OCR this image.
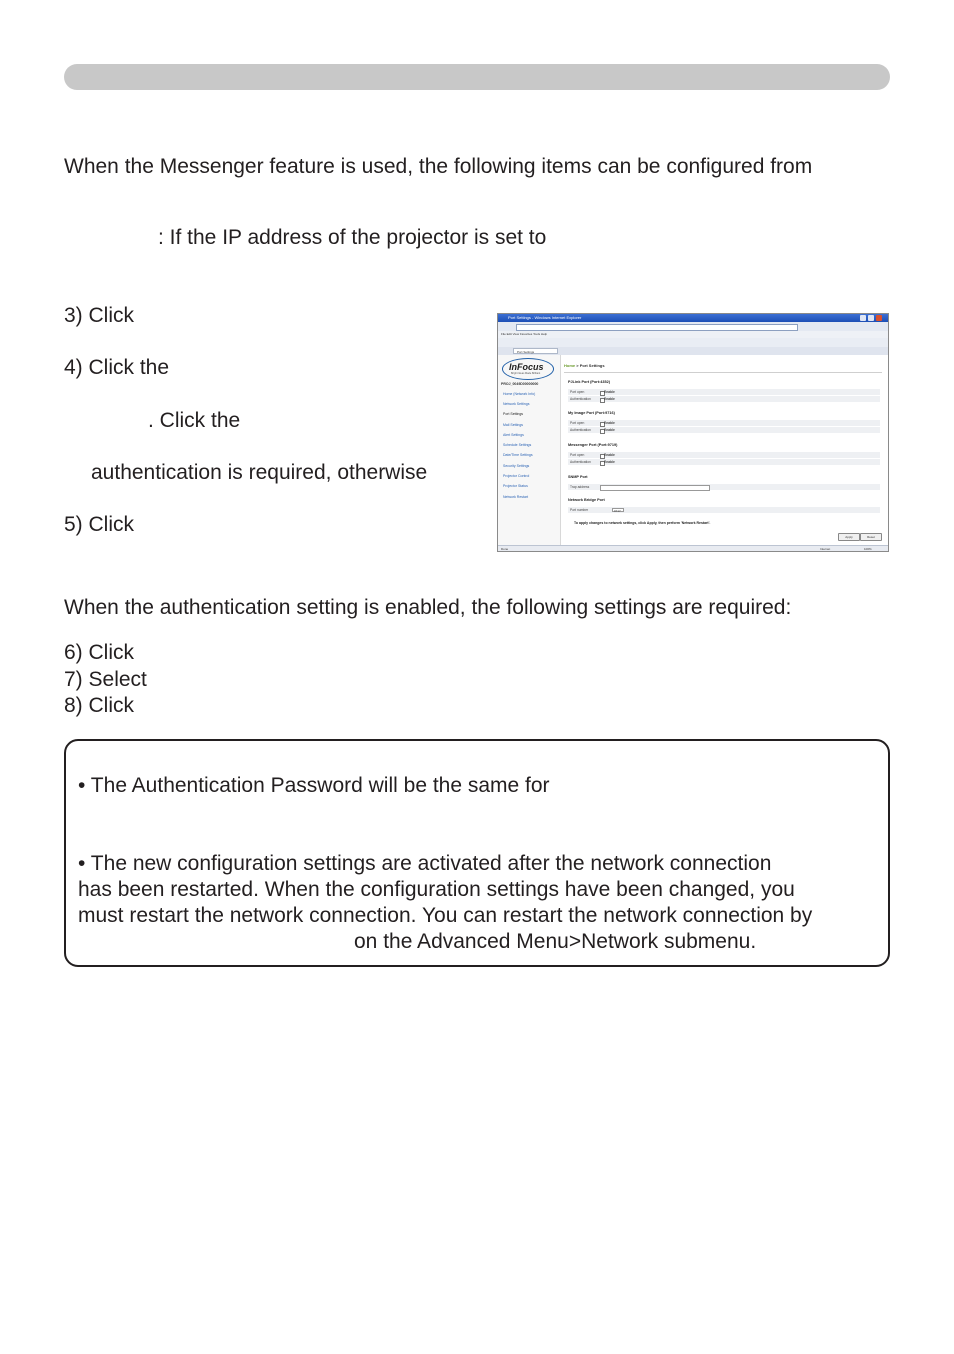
When the Messenger feature is used, the following items can be configured from
: If the IP address of the projector is set to
3) Click
4) Click the
. Click the
authentication is required, otherwise
5) Click
When the authentication setting is enabled, the following settings are required:
6) Click
7) Select
8) Click
• The Authentication Password will be the same for
• The new configuration settings are activated after the network connection
has been restarted. When the configuration settings have been changed, you
must restart the network connection. You can restart the network connection by
on the Advanced Menu>Network submenu.
Port Settings - Windows Internet Explorer
File Edit View Favorites Tools Help
Port Settings
InFocus
Bright Ideas Made Brilliant
PROJ_0049D00000000
Home (Network Info)
Network Settings
Port Settings
Mail Settings
Alert Settings
Schedule Settings
Date/Time Settings
Security Settings
Projector Control
Projector Status
Network Restart
Home > Port Settings
PJLink Port (Port:4352)
Port open	Enable
Authentication	Enable
My Image Port (Port:9716)
Port open	Enable
Authentication	Enable
Messenger Port (Port:9719)
Port open	Enable
Authentication	Enable
SNMP Port
Trap address
Network Bridge Port
Port number	9717
To apply changes to network settings, click Apply, then perform 'Network Restart'.
Apply	Reset
Done	Internet	100%
